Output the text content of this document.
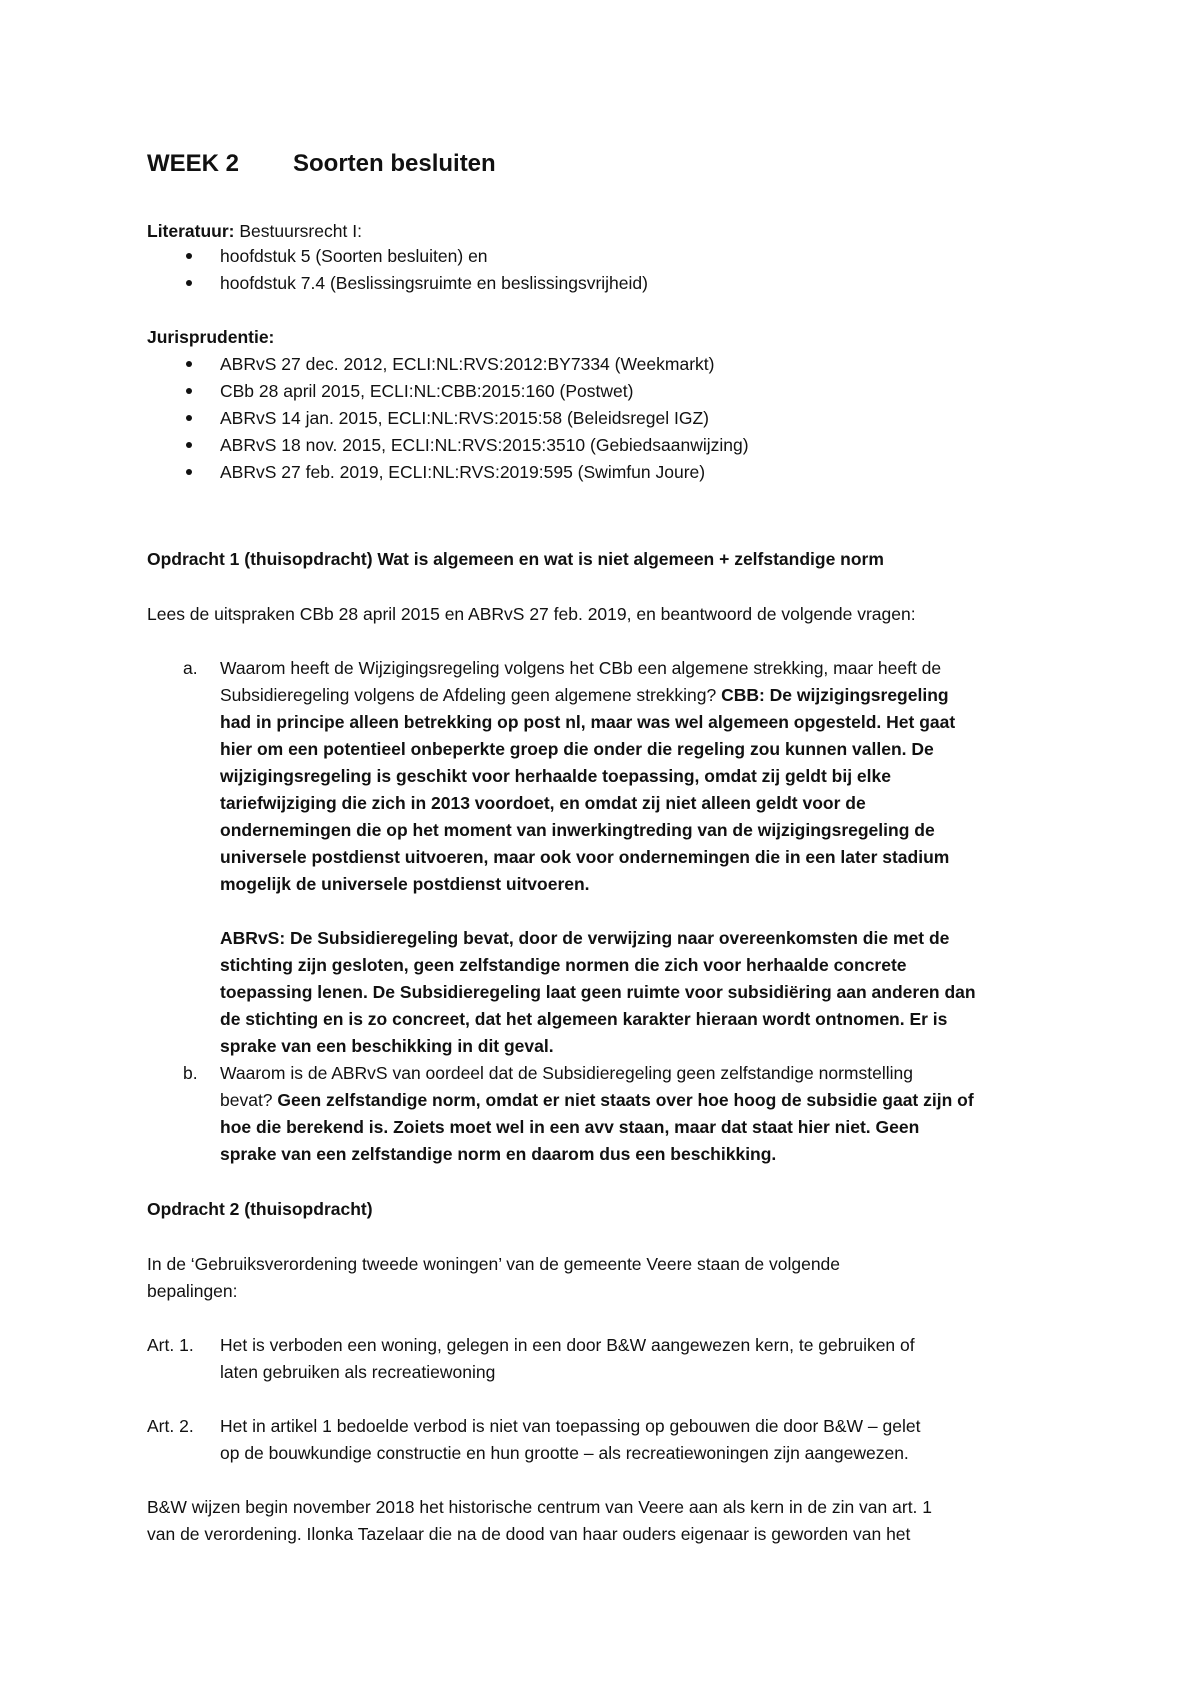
WEEK 2 Soorten besluiten
Literatuur: Bestuursrecht I:
hoofdstuk 5 (Soorten besluiten) en
hoofdstuk 7.4 (Beslissingsruimte en beslissingsvrijheid)
Jurisprudentie:
ABRvS 27 dec. 2012, ECLI:NL:RVS:2012:BY7334 (Weekmarkt)
CBb 28 april 2015, ECLI:NL:CBB:2015:160 (Postwet)
ABRvS 14 jan. 2015, ECLI:NL:RVS:2015:58 (Beleidsregel IGZ)
ABRvS 18 nov. 2015, ECLI:NL:RVS:2015:3510 (Gebiedsaanwijzing)
ABRvS 27 feb. 2019, ECLI:NL:RVS:2019:595 (Swimfun Joure)
Opdracht 1 (thuisopdracht) Wat is algemeen en wat is niet algemeen + zelfstandige norm
Lees de uitspraken CBb 28 april 2015 en ABRvS 27 feb. 2019, en beantwoord de volgende vragen:
a. Waarom heeft de Wijzigingsregeling volgens het CBb een algemene strekking, maar heeft de
Subsidieregeling volgens de Afdeling geen algemene strekking? CBB: De wijzigingsregeling
had in principe alleen betrekking op post nl, maar was wel algemeen opgesteld. Het gaat
hier om een potentieel onbeperkte groep die onder die regeling zou kunnen vallen. De
wijzigingsregeling is geschikt voor herhaalde toepassing, omdat zij geldt bij elke
tariefwijziging die zich in 2013 voordoet, en omdat zij niet alleen geldt voor de
ondernemingen die op het moment van inwerkingtreding van de wijzigingsregeling de
universele postdienst uitvoeren, maar ook voor ondernemingen die in een later stadium
mogelijk de universele postdienst uitvoeren.
ABRvS: De Subsidieregeling bevat, door de verwijzing naar overeenkomsten die met de
stichting zijn gesloten, geen zelfstandige normen die zich voor herhaalde concrete
toepassing lenen. De Subsidieregeling laat geen ruimte voor subsidiëring aan anderen dan
de stichting en is zo concreet, dat het algemeen karakter hieraan wordt ontnomen. Er is
sprake van een beschikking in dit geval.
b. Waarom is de ABRvS van oordeel dat de Subsidieregeling geen zelfstandige normstelling
bevat? Geen zelfstandige norm, omdat er niet staats over hoe hoog de subsidie gaat zijn of
hoe die berekend is. Zoiets moet wel in een avv staan, maar dat staat hier niet. Geen
sprake van een zelfstandige norm en daarom dus een beschikking.
Opdracht 2 (thuisopdracht)
In de ‘Gebruiksverordening tweede woningen’ van de gemeente Veere staan de volgende
bepalingen:
Art. 1. Het is verboden een woning, gelegen in een door B&W aangewezen kern, te gebruiken of
laten gebruiken als recreatiewoning
Art. 2. Het in artikel 1 bedoelde verbod is niet van toepassing op gebouwen die door B&W – gelet
op de bouwkundige constructie en hun grootte – als recreatiewoningen zijn aangewezen.
B&W wijzen begin november 2018 het historische centrum van Veere aan als kern in de zin van art. 1
van de verordening. Ilonka Tazelaar die na de dood van haar ouders eigenaar is geworden van het
